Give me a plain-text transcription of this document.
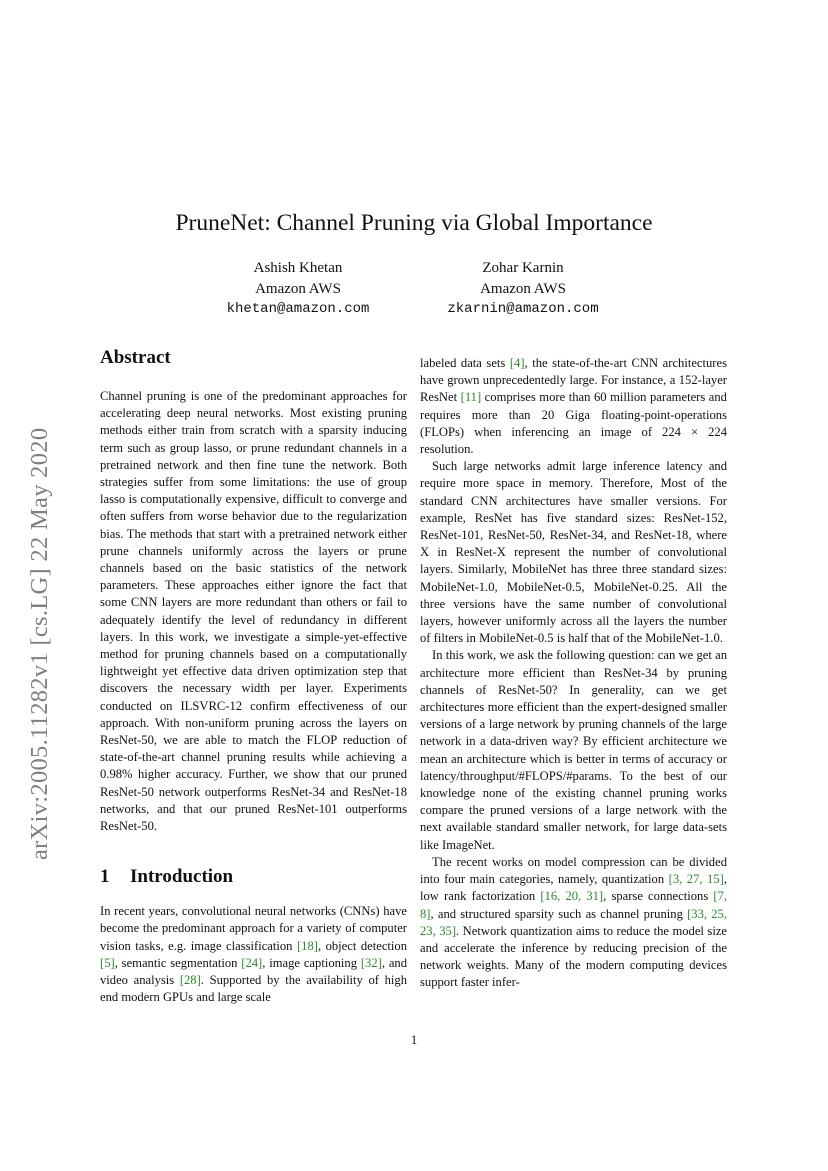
arXiv:2005.11282v1 [cs.LG] 22 May 2020
PruneNet: Channel Pruning via Global Importance
Ashish Khetan
Amazon AWS
khetan@amazon.com
Zohar Karnin
Amazon AWS
zkarnin@amazon.com
Abstract

Channel pruning is one of the predominant approaches for accelerating deep neural networks. Most existing pruning methods either train from scratch with a sparsity inducing term such as group lasso, or prune redundant channels in a pretrained network and then fine tune the network. Both strategies suffer from some limitations: the use of group lasso is computationally expensive, difficult to converge and often suffers from worse behavior due to the regularization bias. The methods that start with a pretrained network either prune channels uniformly across the layers or prune channels based on the basic statistics of the network parameters. These approaches either ignore the fact that some CNN layers are more redundant than others or fail to adequately identify the level of redundancy in different layers. In this work, we investigate a simple-yet-effective method for pruning channels based on a computationally lightweight yet effective data driven optimization step that discovers the necessary width per layer. Experiments conducted on ILSVRC-12 confirm effectiveness of our approach. With non-uniform pruning across the layers on ResNet-50, we are able to match the FLOP reduction of state-of-the-art channel pruning results while achieving a 0.98% higher accuracy. Further, we show that our pruned ResNet-50 network outperforms ResNet-34 and ResNet-18 networks, and that our pruned ResNet-101 outperforms ResNet-50.

1 Introduction

In recent years, convolutional neural networks (CNNs) have become the predominant approach for a variety of computer vision tasks, e.g. image classification [18], object detection [5], semantic segmentation [24], image captioning [32], and video analysis [28]. Supported by the availability of high end modern GPUs and large scale

labeled data sets [4], the state-of-the-art CNN architectures have grown unprecedentedly large. For instance, a 152-layer ResNet [11] comprises more than 60 million parameters and requires more than 20 Giga floating-point-operations (FLOPs) when inferencing an image of 224 × 224 resolution.

Such large networks admit large inference latency and require more space in memory. Therefore, Most of the standard CNN architectures have smaller versions. For example, ResNet has five standard sizes: ResNet-152, ResNet-101, ResNet-50, ResNet-34, and ResNet-18, where X in ResNet-X represent the number of convolutional layers. Similarly, MobileNet has three three standard sizes: MobileNet-1.0, MobileNet-0.5, MobileNet-0.25. All the three versions have the same number of convolutional layers, however uniformly across all the layers the number of filters in MobileNet-0.5 is half that of the MobileNet-1.0.

In this work, we ask the following question: can we get an architecture more efficient than ResNet-34 by pruning channels of ResNet-50? In generality, can we get architectures more efficient than the expert-designed smaller versions of a large network by pruning channels of the large network in a data-driven way? By efficient architecture we mean an architecture which is better in terms of accuracy or latency/throughput/#FLOPS/#params. To the best of our knowledge none of the existing channel pruning works compare the pruned versions of a large network with the next available standard smaller network, for large data-sets like ImageNet.

The recent works on model compression can be divided into four main categories, namely, quantization [3, 27, 15], low rank factorization [16, 20, 31], sparse connections [7, 8], and structured sparsity such as channel pruning [33, 25, 23, 35]. Network quantization aims to reduce the model size and accelerate the inference by reducing precision of the network weights. Many of the modern computing devices support faster infer-

1
